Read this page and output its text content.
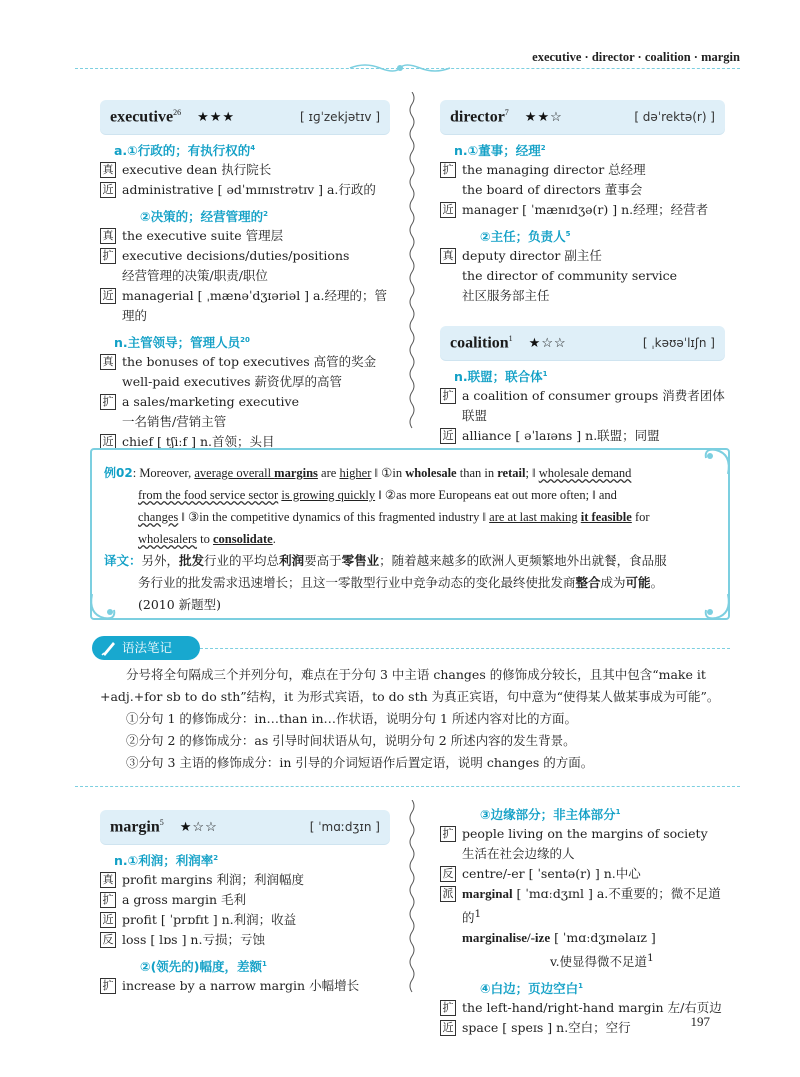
executive · director · coalition · margin
executive$^{26}$ ★★★	[ ɪɡˈzekjətɪv ]
a.①行政的；有执行权的$^4$
真 executive dean 执行院长
近 administrative [ ədˈmɪnɪstrətɪv ] a.行政的
②决策的；经营管理的$^2$
真 the executive suite 管理层
扩 executive decisions/duties/positions
经营管理的决策/职责/职位
近 managerial [ ˌmænəˈdʒɪəriəl ] a.经理的；管理的
n.主管领导；管理人员$^{20}$
真 the bonuses of top executives 高管的奖金
well-paid executives 薪资优厚的高管
扩 a sales/marketing executive
一名销售/营销主管
近 chief [ tʃiːf ] n.首领；头目
director$^7$ ★★☆	[ dəˈrektə(r) ]
n.①董事；经理$^2$
扩 the managing director 总经理
the board of directors 董事会
近 manager [ ˈmænɪdʒə(r) ] n.经理；经营者
②主任；负责人$^5$
真 deputy director 副主任
the director of community service
社区服务部主任
coalition$^1$ ★☆☆	[ ˌkəʊəˈlɪʃn ]
n.联盟；联合体$^1$
扩 a coalition of consumer groups 消费者团体联盟
近 alliance [ əˈlaɪəns ] n.联盟；同盟
例02: Moreover, average overall margins are higher ‖ ①in wholesale than in retail; ‖ wholesale demand
from the food service sector is growing quickly ‖ ②as more Europeans eat out more often; ‖ and
changes ‖ ③in the competitive dynamics of this fragmented industry ‖ are at last making it feasible for
wholesalers to consolidate.
译文：另外，批发行业的平均总利润要高于零售业；随着越来越多的欧洲人更频繁地外出就餐，食品服
务行业的批发需求迅速增长；且这一零散型行业中竞争动态的变化最终使批发商整合成为可能。
(2010 新题型)
语法笔记

分号将全句隔成三个并列分句，难点在于分句 3 中主语 changes 的修饰成分较长，且其中包含“make it

+adj.+for sb to do sth”结构，it 为形式宾语，to do sth 为真正宾语，句中意为“使得某人做某事成为可能”。

①分句 1 的修饰成分：in…than in…作状语，说明分句 1 所述内容对比的方面。

②分句 2 的修饰成分：as 引导时间状语从句，说明分句 2 所述内容的发生背景。

③分句 3 主语的修饰成分：in 引导的介词短语作后置定语，说明 changes 的方面。

margin$^5$ ★☆☆	[ ˈmɑːdʒɪn ]
n.①利润；利润率$^2$
真 profit margins 利润；利润幅度
扩 a gross margin 毛利
近 profit [ ˈprɒfɪt ] n.利润；收益
反 loss [ lɒs ] n.亏损；亏蚀
②(领先的)幅度，差额$^1$
扩 increase by a narrow margin 小幅增长
③边缘部分；非主体部分$^1$
扩 people living on the margins of society
生活在社会边缘的人
反 centre/-er [ ˈsentə(r) ] n.中心
派 marginal [ ˈmɑːdʒɪnl ] a.不重要的；微不足道的$^1$
marginalise/-ize [ ˈmɑːdʒɪnəlaɪz ]
v.使显得微不足道$^1$
④白边；页边空白$^1$
扩 the left-hand/right-hand margin 左/右页边
近 space [ speɪs ] n.空白；空行	197
